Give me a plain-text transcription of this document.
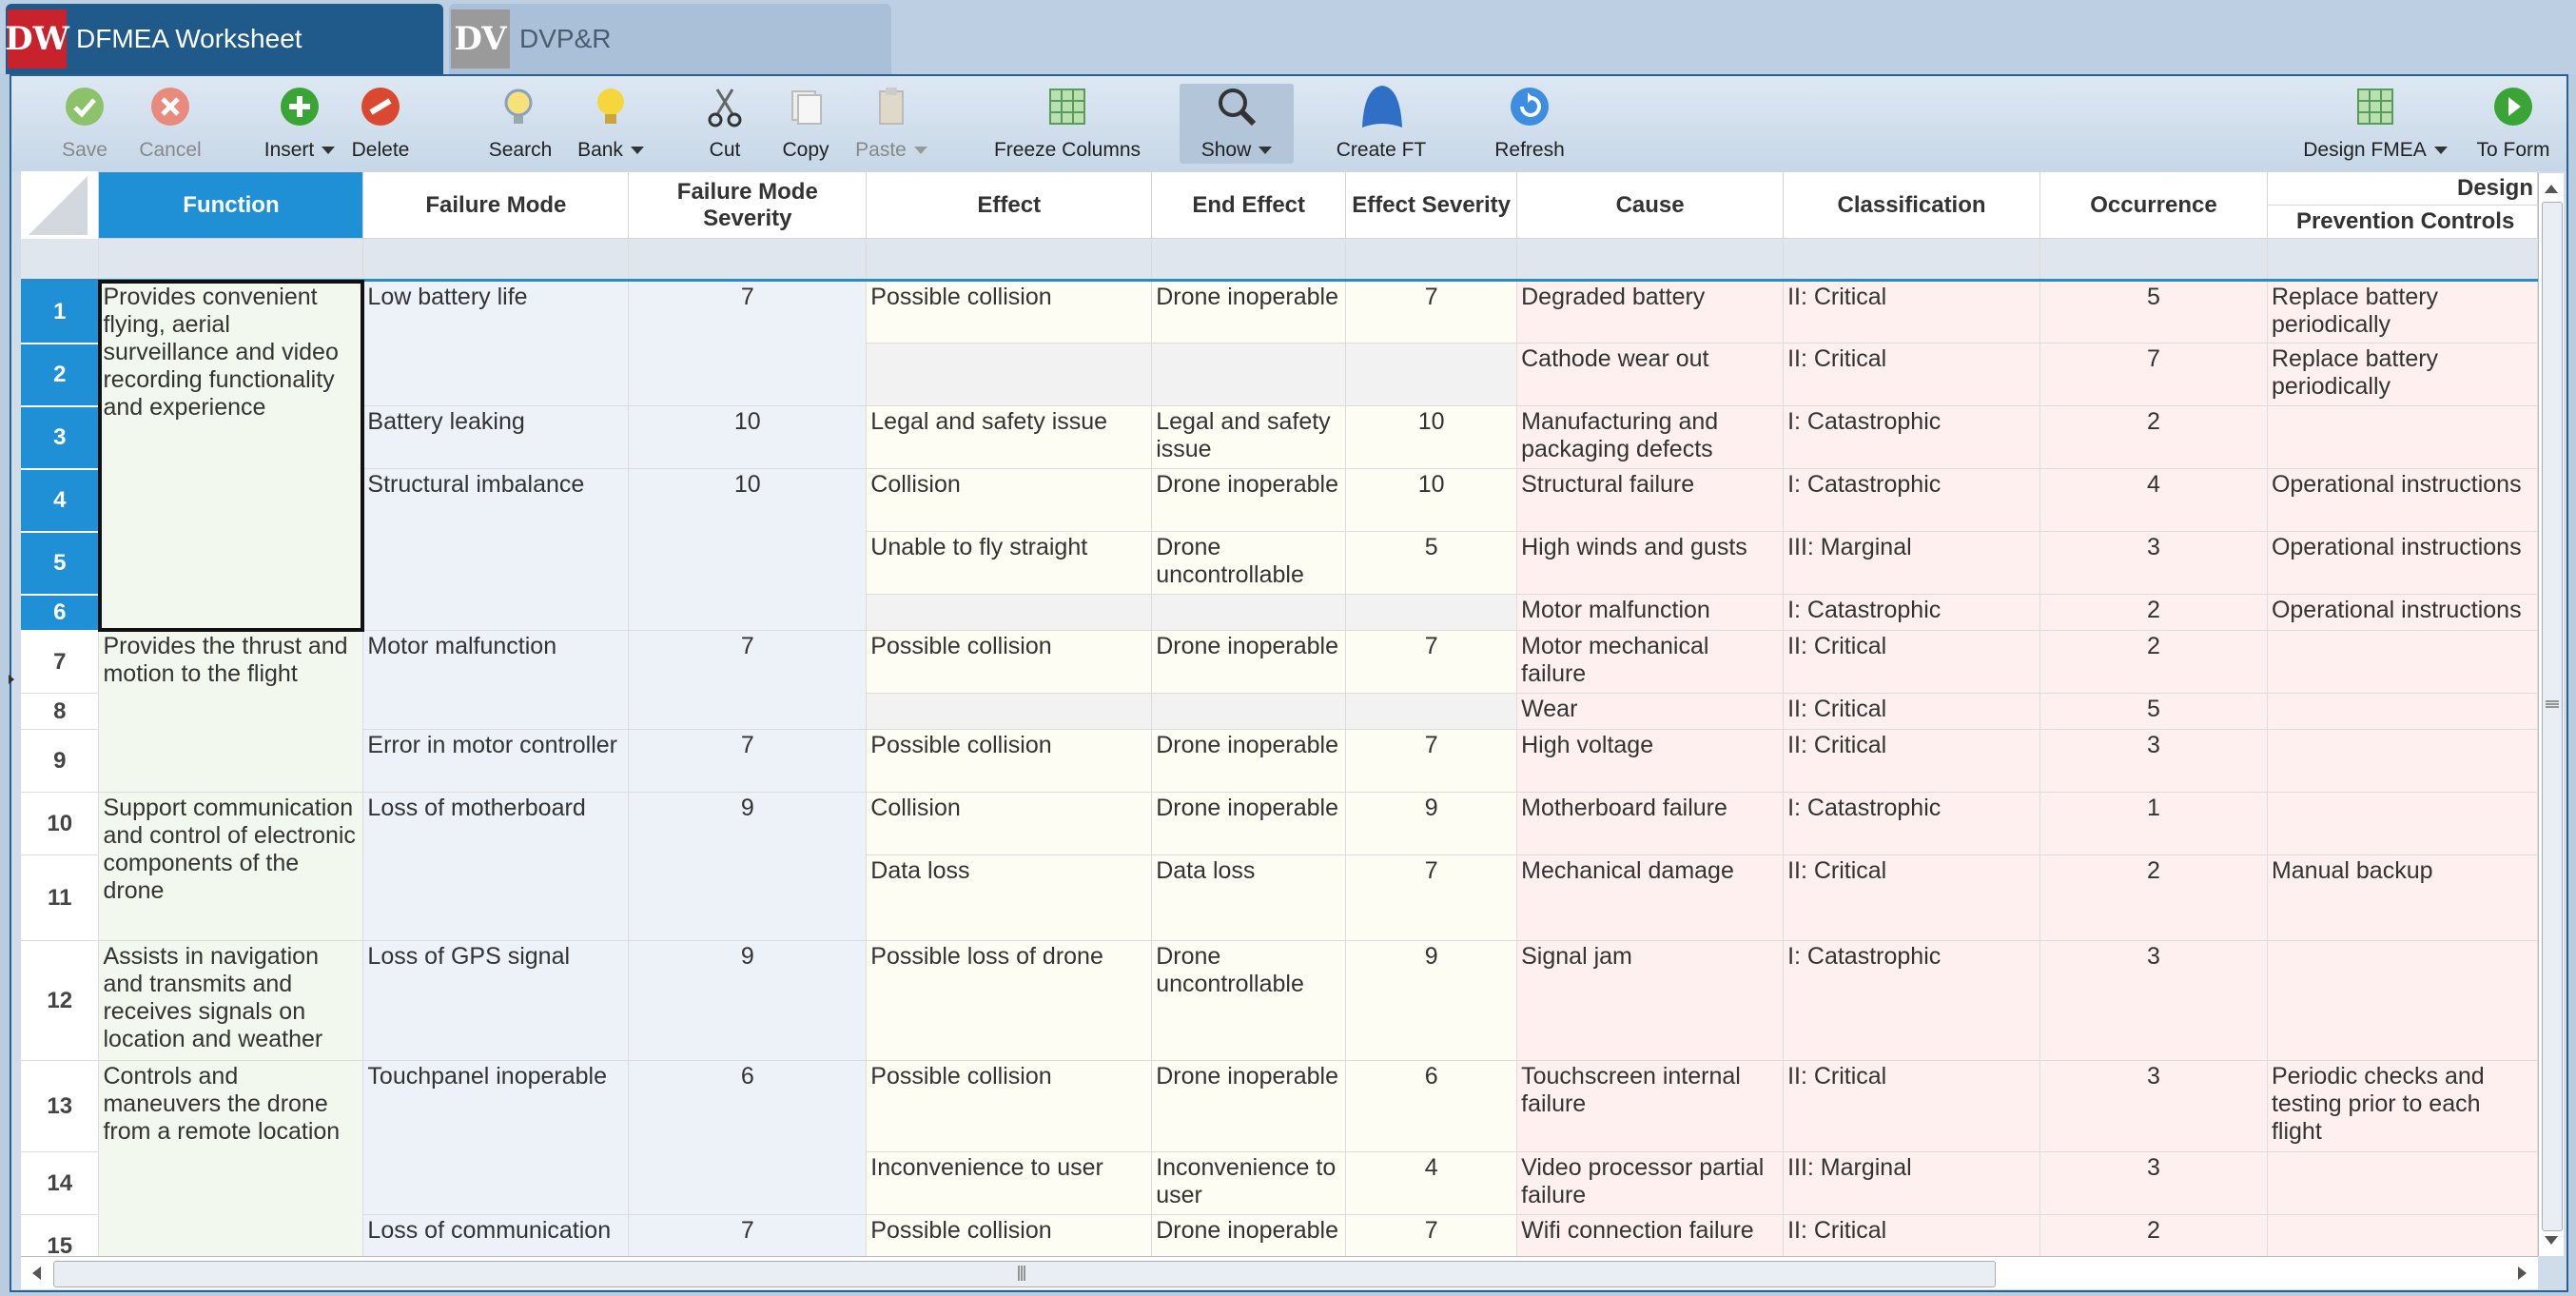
DW DFMEA Worksheet	DV DVP&R
Save Cancel	Insert	Delete	Search Bank	Cut Copy Paste	Freeze Columns	Show	Create FT	Refresh	Design FMEA	To Form
	Function	Failure Mode	Failure Mode Severity	Effect	End Effect	Effect Severity	Cause	Classification	Occurrence	Design
Prevention Controls

1	Provides convenient flying, aerial surveillance and video recording functionality and experience	Low battery life	7	Possible collision	Drone inoperable	7	Degraded battery	II: Critical	5	Replace battery periodically
2							Cathode wear out	II: Critical	7	Replace battery periodically
3		Battery leaking	10	Legal and safety issue	Legal and safety issue	10	Manufacturing and packaging defects	I: Catastrophic	2	
4		Structural imbalance	10	Collision	Drone inoperable	10	Structural failure	I: Catastrophic	4	Operational instructions
5				Unable to fly straight	Drone uncontrollable	5	High winds and gusts	III: Marginal	3	Operational instructions
6							Motor malfunction	I: Catastrophic	2	Operational instructions
7	Provides the thrust and motion to the flight	Motor malfunction	7	Possible collision	Drone inoperable	7	Motor mechanical failure	II: Critical	2	
8							Wear	II: Critical	5	
9		Error in motor controller	7	Possible collision	Drone inoperable	7	High voltage	II: Critical	3	
10	Support communication and control of electronic components of the drone	Loss of motherboard	9	Collision	Drone inoperable	9	Motherboard failure	I: Catastrophic	1	
11				Data loss	Data loss	7	Mechanical damage	II: Critical	2	Manual backup
12	Assists in navigation and transmits and receives signals on location and weather	Loss of GPS signal	9	Possible loss of drone	Drone uncontrollable	9	Signal jam	I: Catastrophic	3	
13	Controls and maneuvers the drone from a remote location	Touchpanel inoperable	6	Possible collision	Drone inoperable	6	Touchscreen internal failure	II: Critical	3	Periodic checks and testing prior to each flight
14				Inconvenience to user	Inconvenience to user	4	Video processor partial failure	III: Marginal	3	
15		Loss of communication	7	Possible collision	Drone inoperable	7	Wifi connection failure	II: Critical	2	
